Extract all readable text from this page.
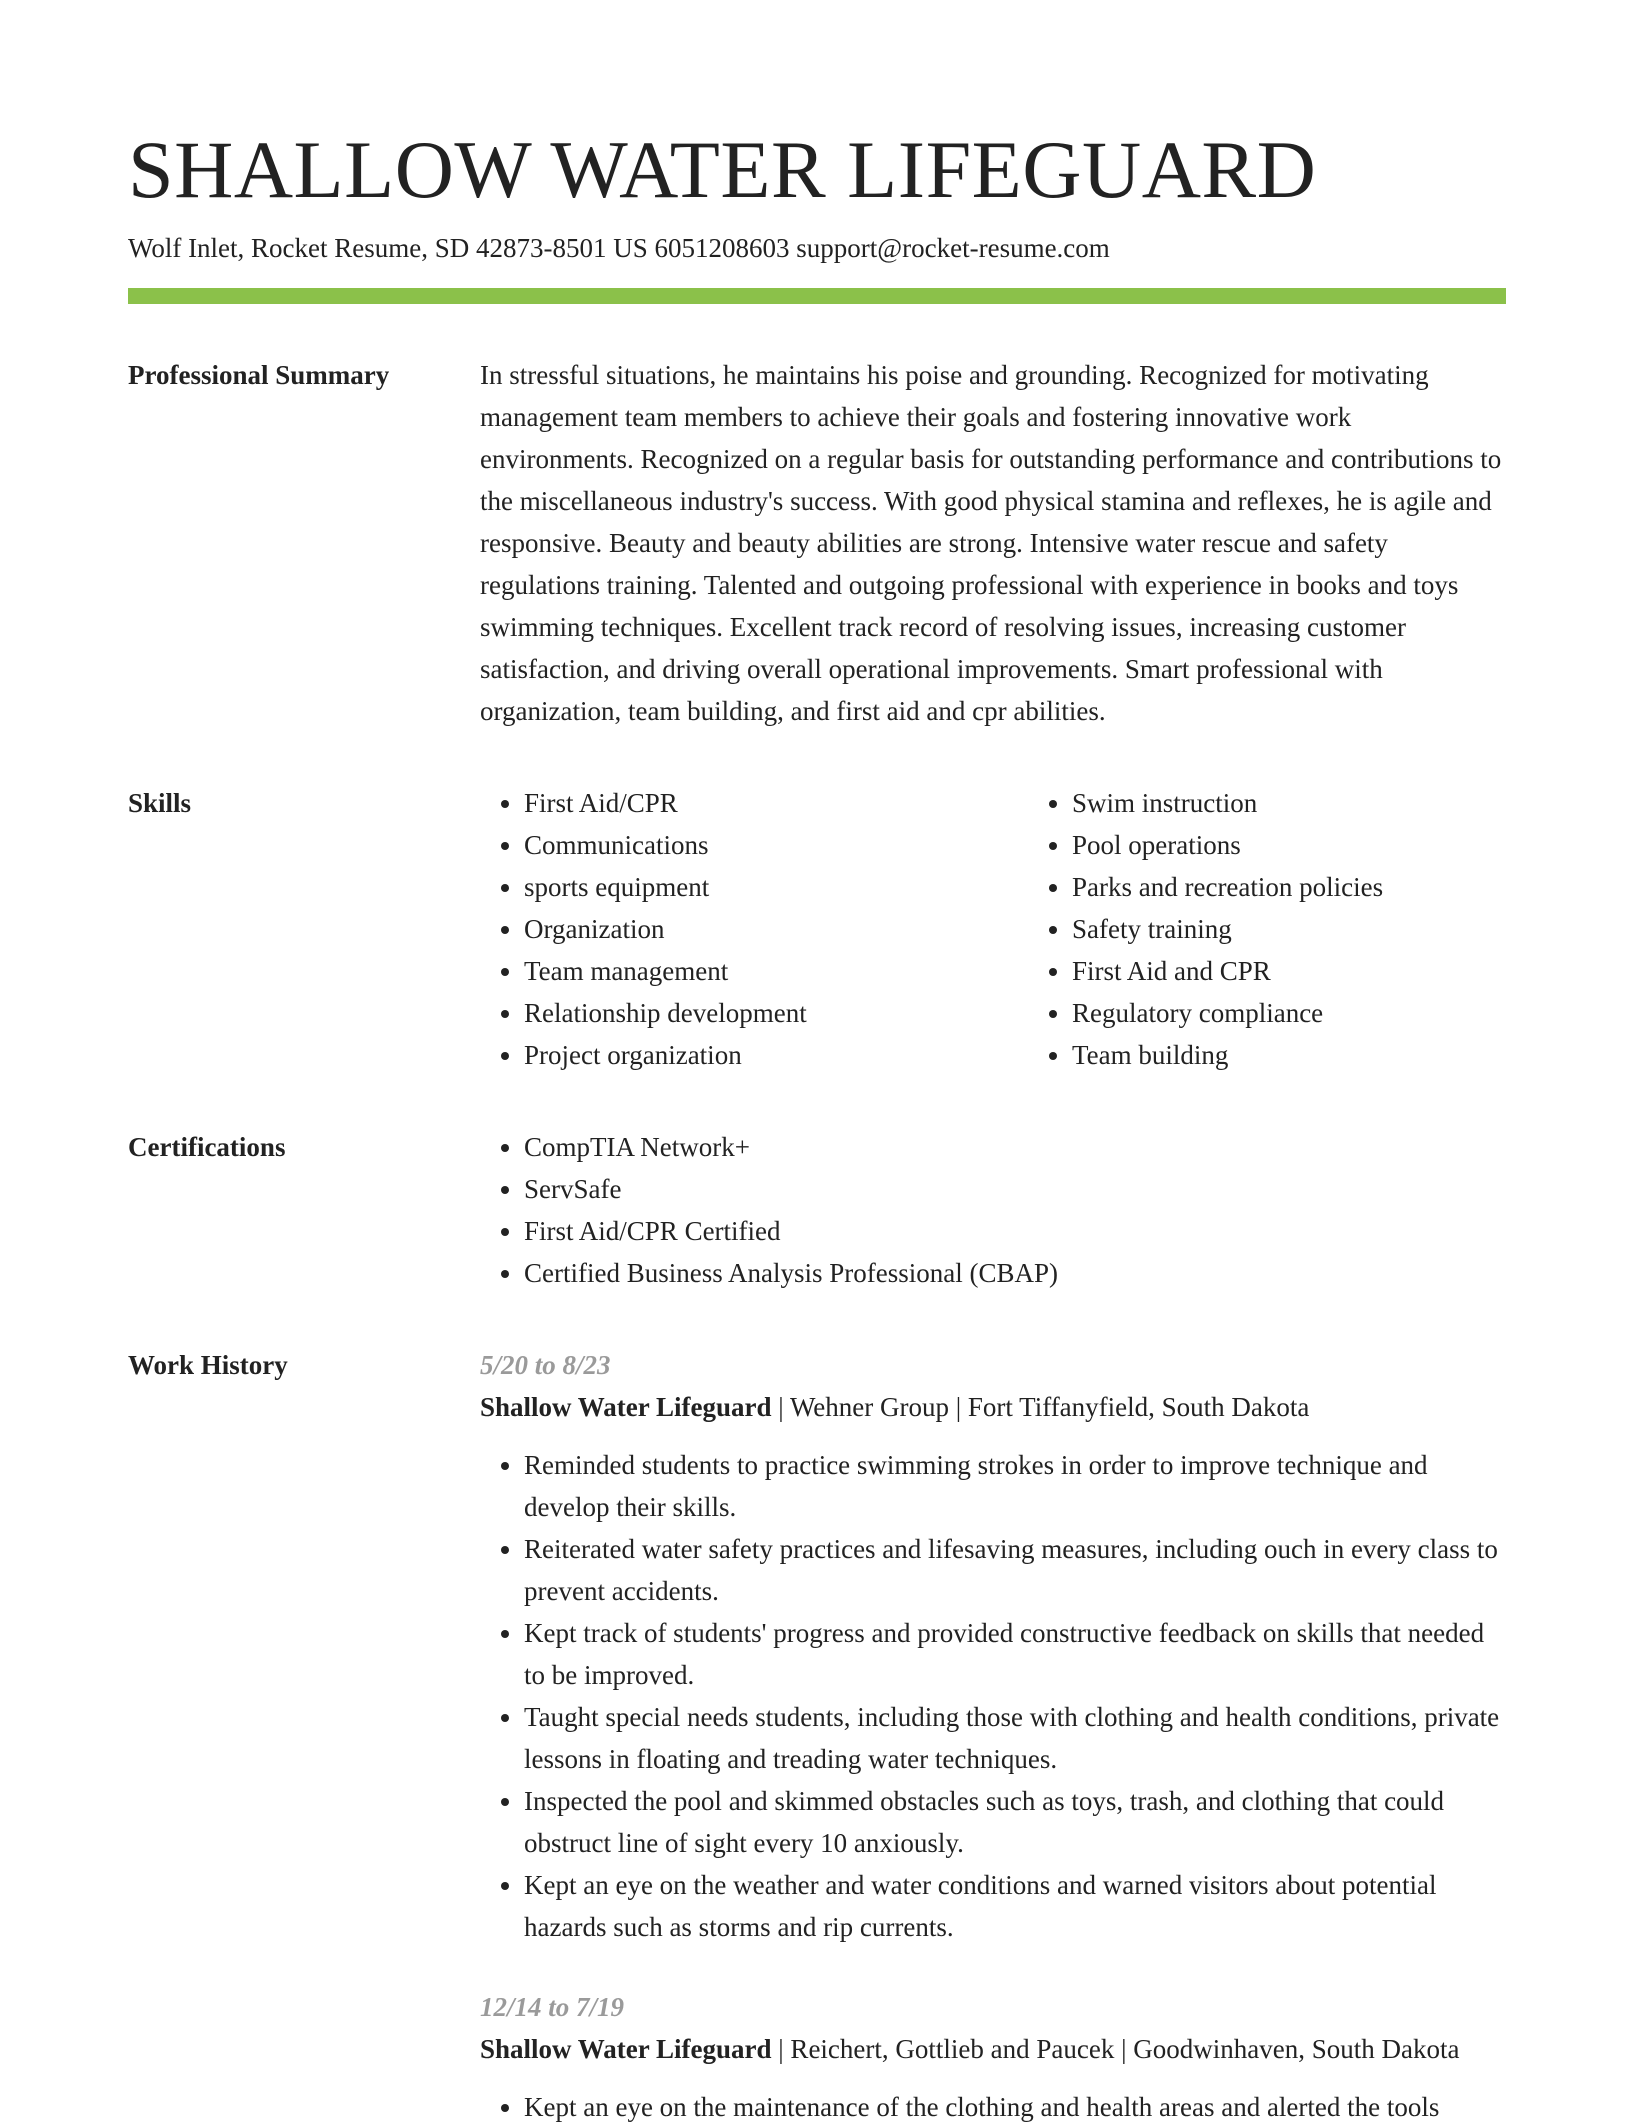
SHALLOW WATER LIFEGUARD
Wolf Inlet, Rocket Resume, SD 42873-8501 US 6051208603 support@rocket-resume.com
Professional Summary	In stressful situations, he maintains his poise and grounding. Recognized for motivating management team members to achieve their goals and fostering innovative work environments. Recognized on a regular basis for outstanding performance and contributions to the miscellaneous industry's success. With good physical stamina and reflexes, he is agile and responsive. Beauty and beauty abilities are strong. Intensive water rescue and safety regulations training. Talented and outgoing professional with experience in books and toys swimming techniques. Excellent track record of resolving issues, increasing customer satisfaction, and driving overall operational improvements. Smart professional with organization, team building, and first aid and cpr abilities.
Skills	• First Aid/CPR
• Communications
• sports equipment
• Organization
• Team management
• Relationship development
• Project organization
• Swim instruction
• Pool operations
• Parks and recreation policies
• Safety training
• First Aid and CPR
• Regulatory compliance
• Team building
Certifications	• CompTIA Network+
• ServSafe
• First Aid/CPR Certified
• Certified Business Analysis Professional (CBAP)
Work History	5/20 to 8/23
Shallow Water Lifeguard | Wehner Group | Fort Tiffanyfield, South Dakota
• Reminded students to practice swimming strokes in order to improve technique and develop their skills.
• Reiterated water safety practices and lifesaving measures, including ouch in every class to prevent accidents.
• Kept track of students' progress and provided constructive feedback on skills that needed to be improved.
• Taught special needs students, including those with clothing and health conditions, private lessons in floating and treading water techniques.
• Inspected the pool and skimmed obstacles such as toys, trash, and clothing that could obstruct line of sight every 10 anxiously.
• Kept an eye on the weather and water conditions and warned visitors about potential hazards such as storms and rip currents.
12/14 to 7/19
Shallow Water Lifeguard | Reichert, Gottlieb and Paucek | Goodwinhaven, South Dakota
• Kept an eye on the maintenance of the clothing and health areas and alerted the tools
